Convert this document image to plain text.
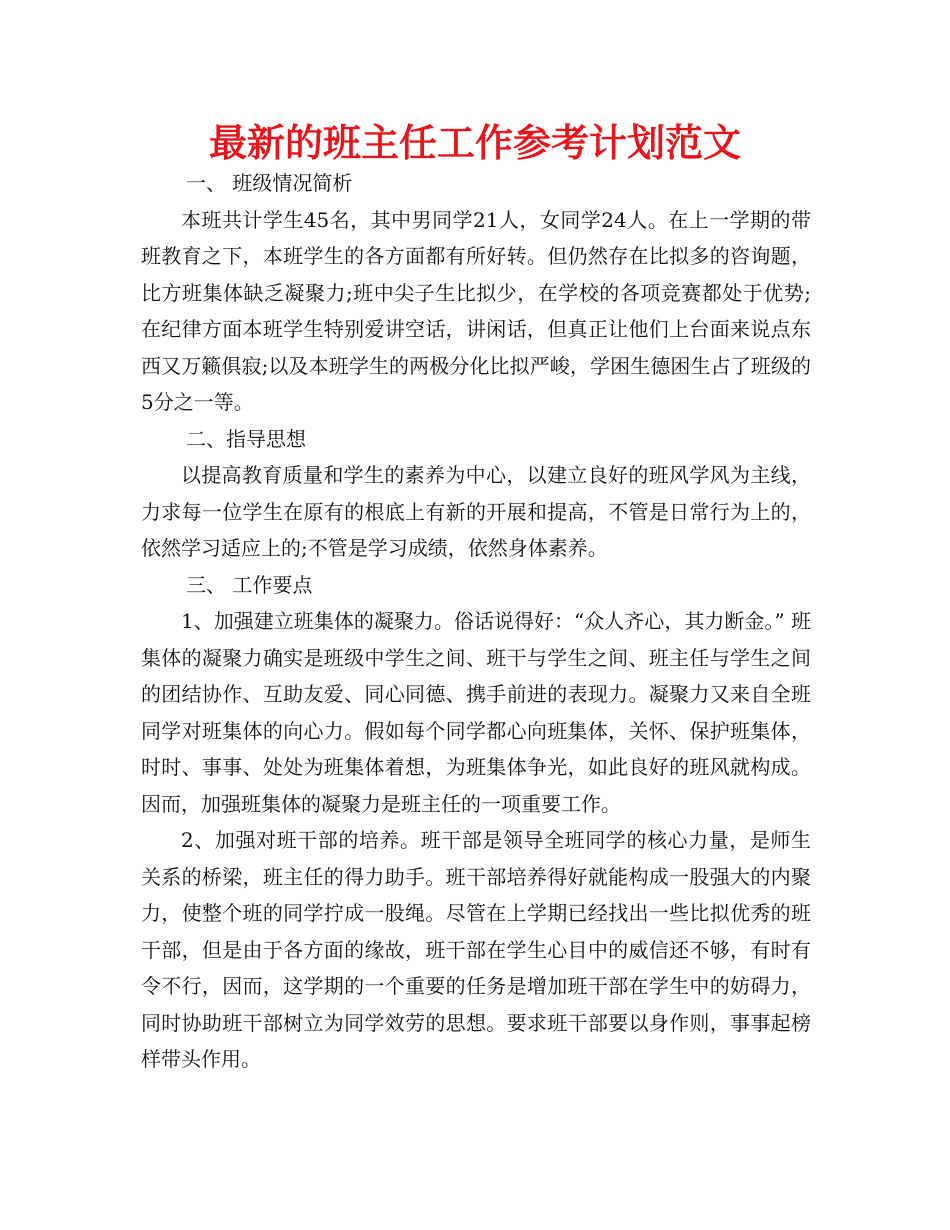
最新的班主任工作参考计划范文

一、 班级情况简析

本班共计学生45名，其中男同学21人，女同学24人。在上一学期的带班教育之下，本班学生的各方面都有所好转。但仍然存在比拟多的咨询题，比方班集体缺乏凝聚力;班中尖子生比拟少，在学校的各项竞赛都处于优势;在纪律方面本班学生特别爱讲空话，讲闲话，但真正让他们上台面来说点东西又万籁俱寂;以及本班学生的两极分化比拟严峻，学困生德困生占了班级的5分之一等。

二、指导思想

以提高教育质量和学生的素养为中心，以建立良好的班风学风为主线，力求每一位学生在原有的根底上有新的开展和提高，不管是日常行为上的，依然学习适应上的;不管是学习成绩，依然身体素养。

三、 工作要点

1、加强建立班集体的凝聚力。俗话说得好：“众人齐心，其力断金。” 班集体的凝聚力确实是班级中学生之间、班干与学生之间、班主任与学生之间的团结协作、互助友爱、同心同德、携手前进的表现力。凝聚力又来自全班同学对班集体的向心力。假如每个同学都心向班集体，关怀、保护班集体，时时、事事、处处为班集体着想，为班集体争光，如此良好的班风就构成。因而，加强班集体的凝聚力是班主任的一项重要工作。

2、加强对班干部的培养。班干部是领导全班同学的核心力量，是师生关系的桥梁，班主任的得力助手。班干部培养得好就能构成一股强大的内聚力，使整个班的同学拧成一股绳。尽管在上学期已经找出一些比拟优秀的班干部，但是由于各方面的缘故，班干部在学生心目中的威信还不够，有时有令不行，因而，这学期的一个重要的任务是增加班干部在学生中的妨碍力，同时协助班干部树立为同学效劳的思想。要求班干部要以身作则，事事起榜样带头作用。
